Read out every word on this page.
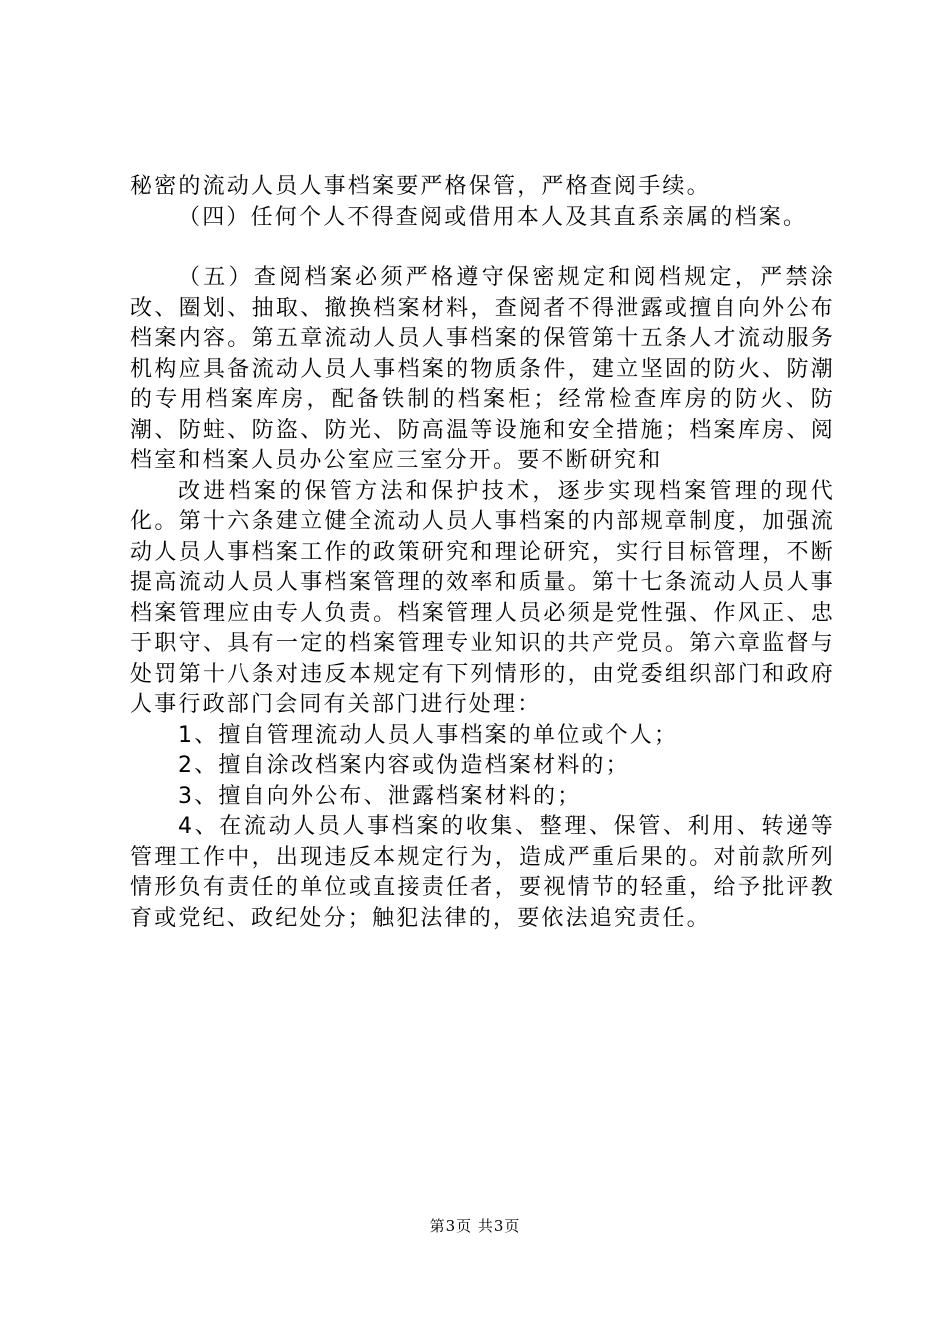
秘密的流动人员人事档案要严格保管，严格查阅手续。

（四）任何个人不得查阅或借用本人及其直系亲属的档案。

（五）查阅档案必须严格遵守保密规定和阅档规定，严禁涂改、圈划、抽取、撤换档案材料，查阅者不得泄露或擅自向外公布档案内容。第五章流动人员人事档案的保管第十五条人才流动服务机构应具备流动人员人事档案的物质条件，建立坚固的防火、防潮的专用档案库房，配备铁制的档案柜；经常检查库房的防火、防潮、防蛀、防盗、防光、防高温等设施和安全措施；档案库房、阅档室和档案人员办公室应三室分开。要不断研究和

改进档案的保管方法和保护技术，逐步实现档案管理的现代化。第十六条建立健全流动人员人事档案的内部规章制度，加强流动人员人事档案工作的政策研究和理论研究，实行目标管理，不断提高流动人员人事档案管理的效率和质量。第十七条流动人员人事档案管理应由专人负责。档案管理人员必须是党性强、作风正、忠于职守、具有一定的档案管理专业知识的共产党员。第六章监督与处罚第十八条对违反本规定有下列情形的，由党委组织部门和政府人事行政部门会同有关部门进行处理：

1、擅自管理流动人员人事档案的单位或个人；

2、擅自涂改档案内容或伪造档案材料的；

3、擅自向外公布、泄露档案材料的；

4、在流动人员人事档案的收集、整理、保管、利用、转递等管理工作中，出现违反本规定行为，造成严重后果的。对前款所列情形负有责任的单位或直接责任者，要视情节的轻重，给予批评教育或党纪、政纪处分；触犯法律的，要依法追究责任。

第3页 共3页
